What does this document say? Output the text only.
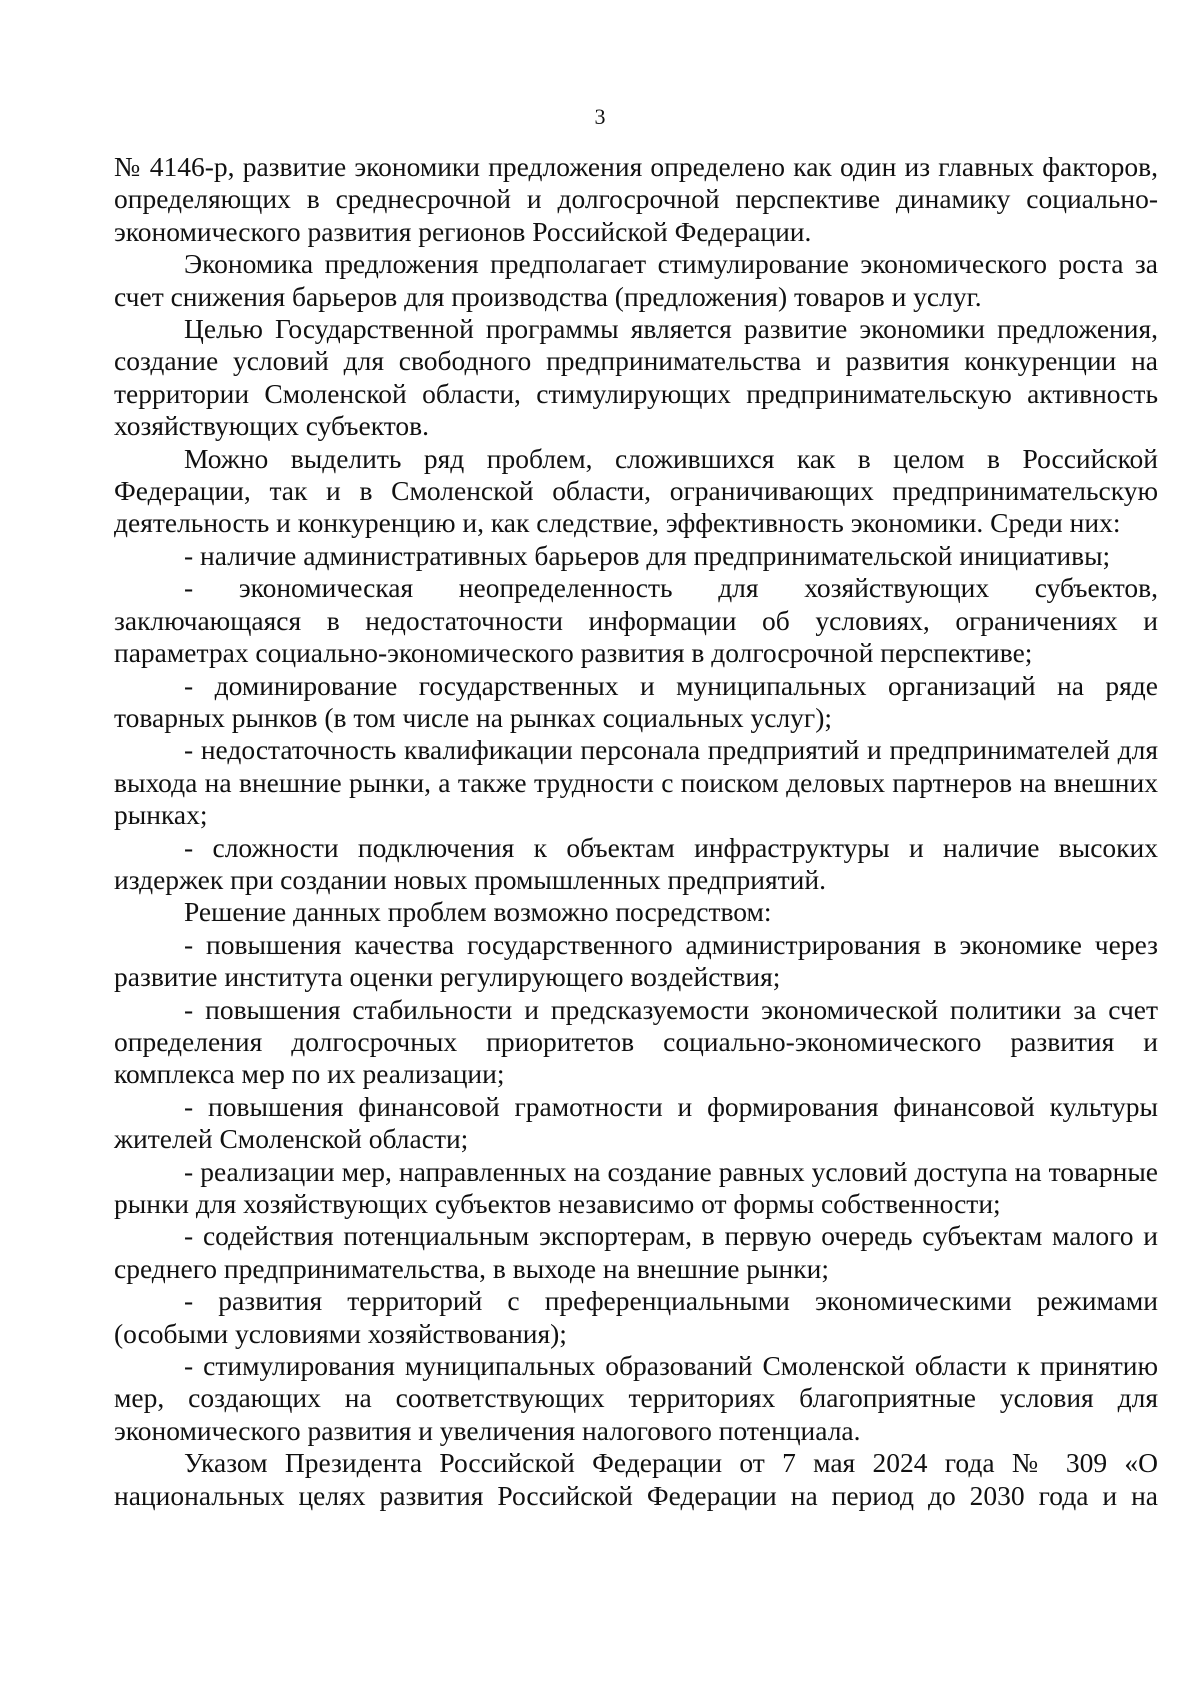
3

№ 4146-р, развитие экономики предложения определено как один из главных факторов, определяющих в среднесрочной и долгосрочной перспективе динамику социально-экономического развития регионов Российской Федерации.

Экономика предложения предполагает стимулирование экономического роста за счет снижения барьеров для производства (предложения) товаров и услуг.

Целью Государственной программы является развитие экономики предложения, создание условий для свободного предпринимательства и развития конкуренции на территории Смоленской области, стимулирующих предпринимательскую активность хозяйствующих субъектов.

Можно выделить ряд проблем, сложившихся как в целом в Российской Федерации, так и в Смоленской области, ограничивающих предпринимательскую деятельность и конкуренцию и, как следствие, эффективность экономики. Среди них:

- наличие административных барьеров для предпринимательской инициативы;

- экономическая неопределенность для хозяйствующих субъектов, заключающаяся в недостаточности информации об условиях, ограничениях и параметрах социально-экономического развития в долгосрочной перспективе;

- доминирование государственных и муниципальных организаций на ряде товарных рынков (в том числе на рынках социальных услуг);

- недостаточность квалификации персонала предприятий и предпринимателей для выхода на внешние рынки, а также трудности с поиском деловых партнеров на внешних рынках;

- сложности подключения к объектам инфраструктуры и наличие высоких издержек при создании новых промышленных предприятий.

Решение данных проблем возможно посредством:

- повышения качества государственного администрирования в экономике через развитие института оценки регулирующего воздействия;

- повышения стабильности и предсказуемости экономической политики за счет определения долгосрочных приоритетов социально-экономического развития и комплекса мер по их реализации;

- повышения финансовой грамотности и формирования финансовой культуры жителей Смоленской области;

- реализации мер, направленных на создание равных условий доступа на товарные рынки для хозяйствующих субъектов независимо от формы собственности;

- содействия потенциальным экспортерам, в первую очередь субъектам малого и среднего предпринимательства, в выходе на внешние рынки;

- развития территорий с преференциальными экономическими режимами (особыми условиями хозяйствования);

- стимулирования муниципальных образований Смоленской области к принятию мер, создающих на соответствующих территориях благоприятные условия для экономического развития и увеличения налогового потенциала.

Указом Президента Российской Федерации от 7 мая 2024 года № 309 «О национальных целях развития Российской Федерации на период до 2030 года и на
